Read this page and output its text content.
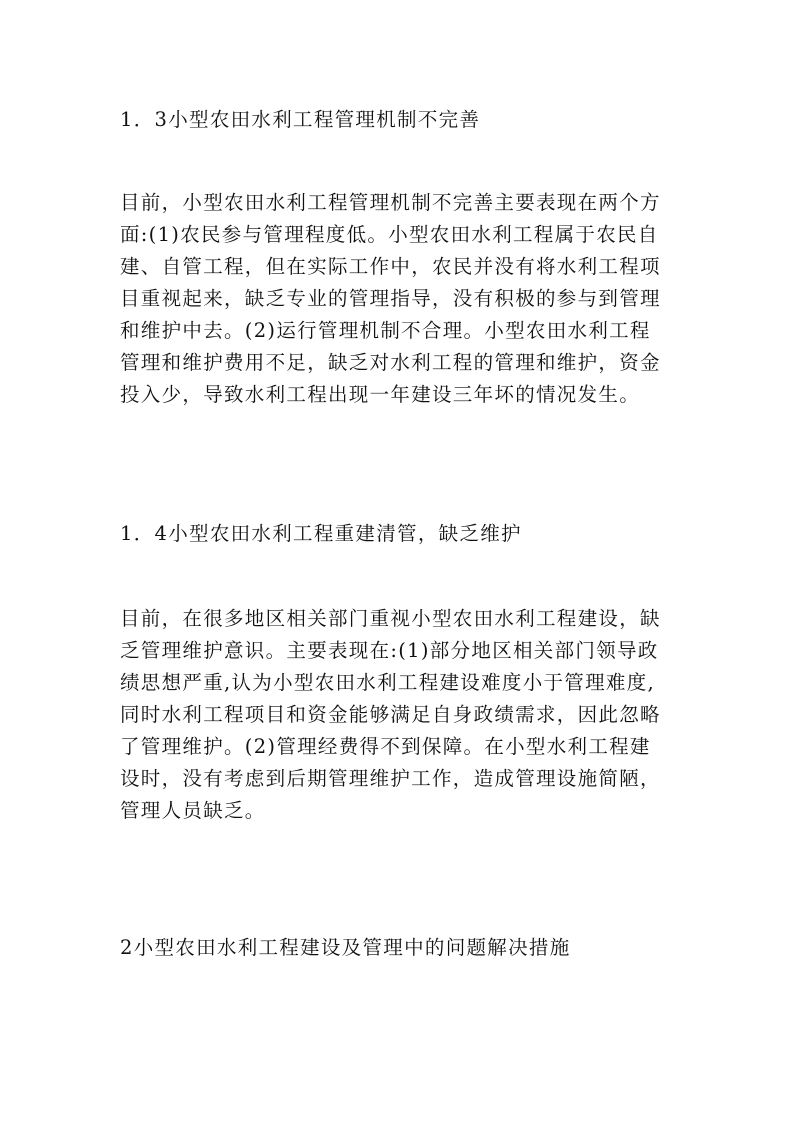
1．3小型农田水利工程管理机制不完善

目前，小型农田水利工程管理机制不完善主要表现在两个方
面:(1)农民参与管理程度低。小型农田水利工程属于农民自
建、自管工程，但在实际工作中，农民并没有将水利工程项
目重视起来，缺乏专业的管理指导，没有积极的参与到管理
和维护中去。(2)运行管理机制不合理。小型农田水利工程
管理和维护费用不足，缺乏对水利工程的管理和维护，资金
投入少，导致水利工程出现一年建设三年坏的情况发生。

1．4小型农田水利工程重建清管，缺乏维护

目前，在很多地区相关部门重视小型农田水利工程建设，缺
乏管理维护意识。主要表现在:(1)部分地区相关部门领导政
绩思想严重,认为小型农田水利工程建设难度小于管理难度,
同时水利工程项目和资金能够满足自身政绩需求，因此忽略
了管理维护。(2)管理经费得不到保障。在小型水利工程建
设时，没有考虑到后期管理维护工作，造成管理设施简陋，
管理人员缺乏。

2小型农田水利工程建设及管理中的问题解决措施
